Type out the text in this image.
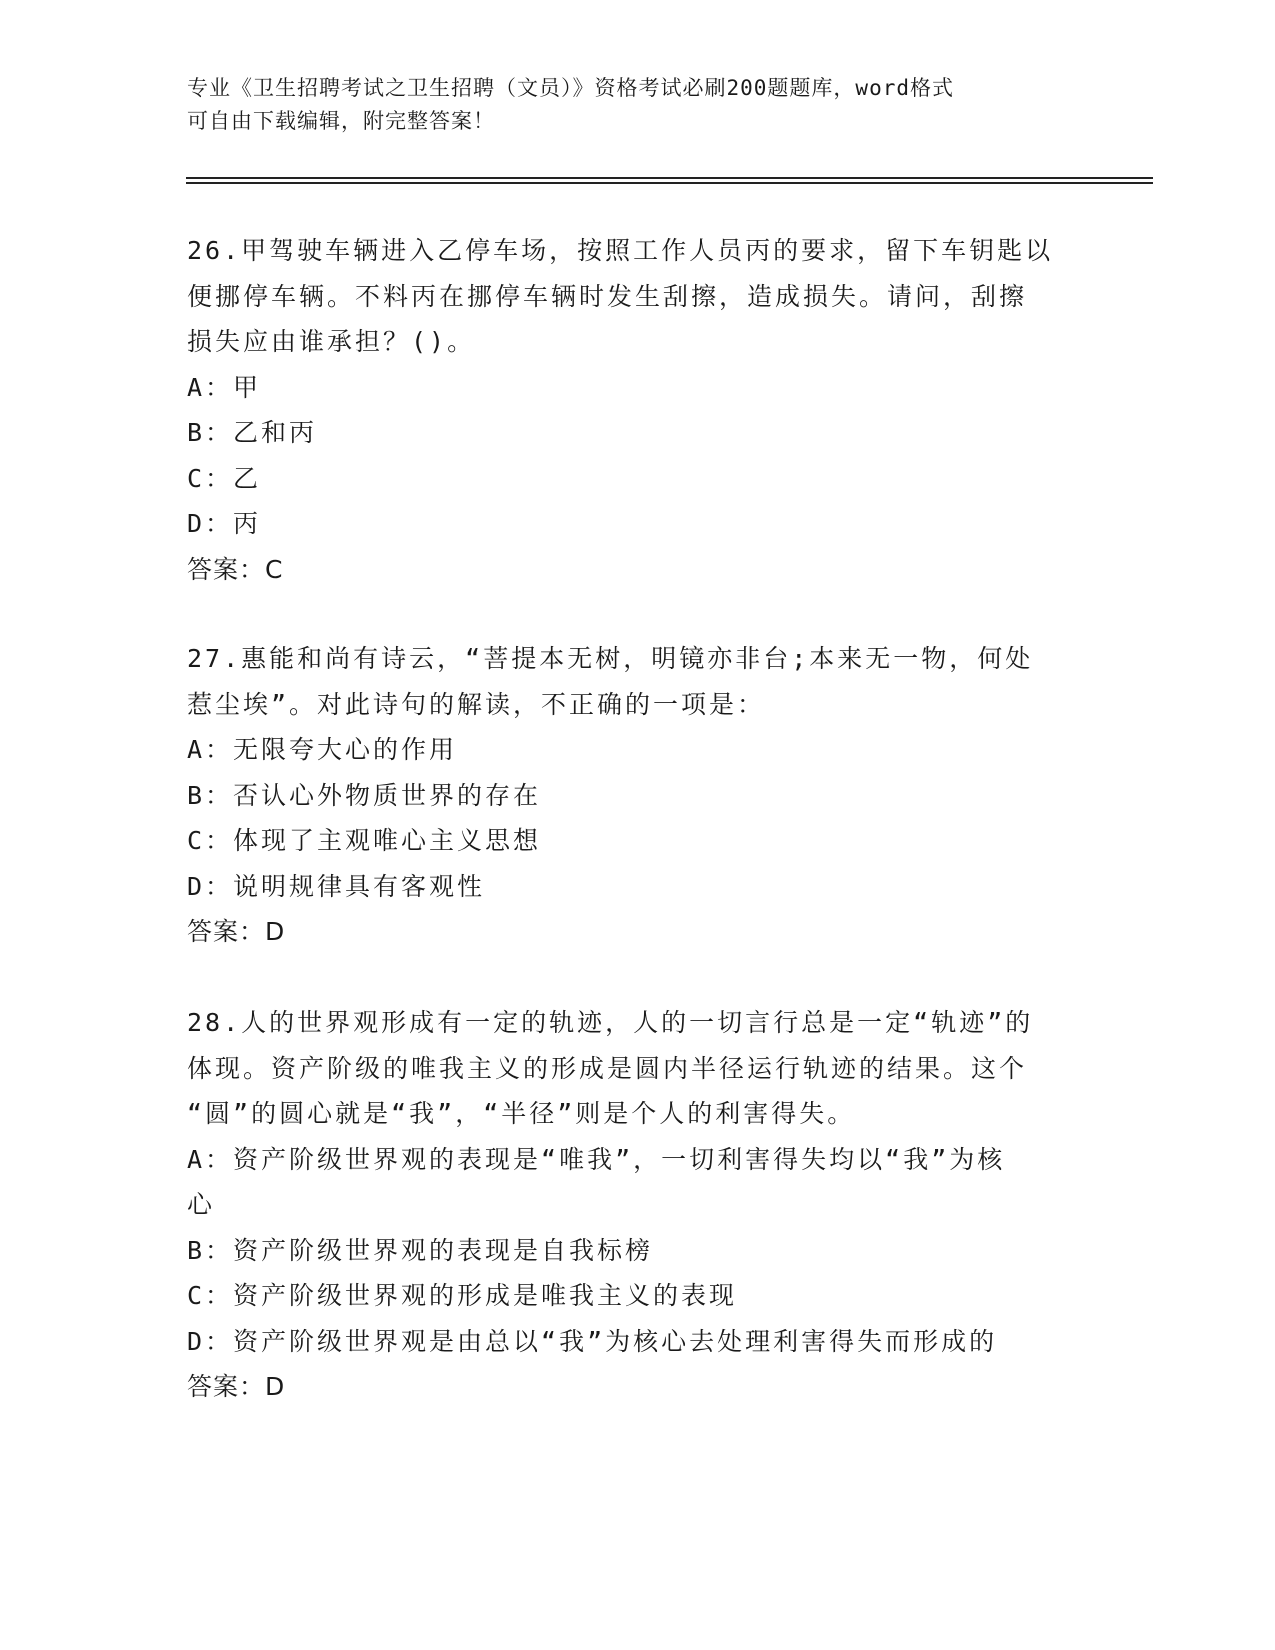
专业《卫生招聘考试之卫生招聘（文员）》资格考试必刷200题题库，word格式
可自由下载编辑，附完整答案！

26.甲驾驶车辆进入乙停车场，按照工作人员丙的要求，留下车钥匙以

便挪停车辆。不料丙在挪停车辆时发生刮擦，造成损失。请问，刮擦

损失应由谁承担？()。

A：甲

B：乙和丙

C：乙

D：丙

答案：C

27.惠能和尚有诗云，“菩提本无树，明镜亦非台;本来无一物，何处

惹尘埃”。对此诗句的解读，不正确的一项是：

A：无限夸大心的作用

B：否认心外物质世界的存在

C：体现了主观唯心主义思想

D：说明规律具有客观性

答案：D

28.人的世界观形成有一定的轨迹，人的一切言行总是一定“轨迹”的

体现。资产阶级的唯我主义的形成是圆内半径运行轨迹的结果。这个

“圆”的圆心就是“我”，“半径”则是个人的利害得失。

A：资产阶级世界观的表现是“唯我”，一切利害得失均以“我”为核

心

B：资产阶级世界观的表现是自我标榜

C：资产阶级世界观的形成是唯我主义的表现

D：资产阶级世界观是由总以“我”为核心去处理利害得失而形成的

答案：D
